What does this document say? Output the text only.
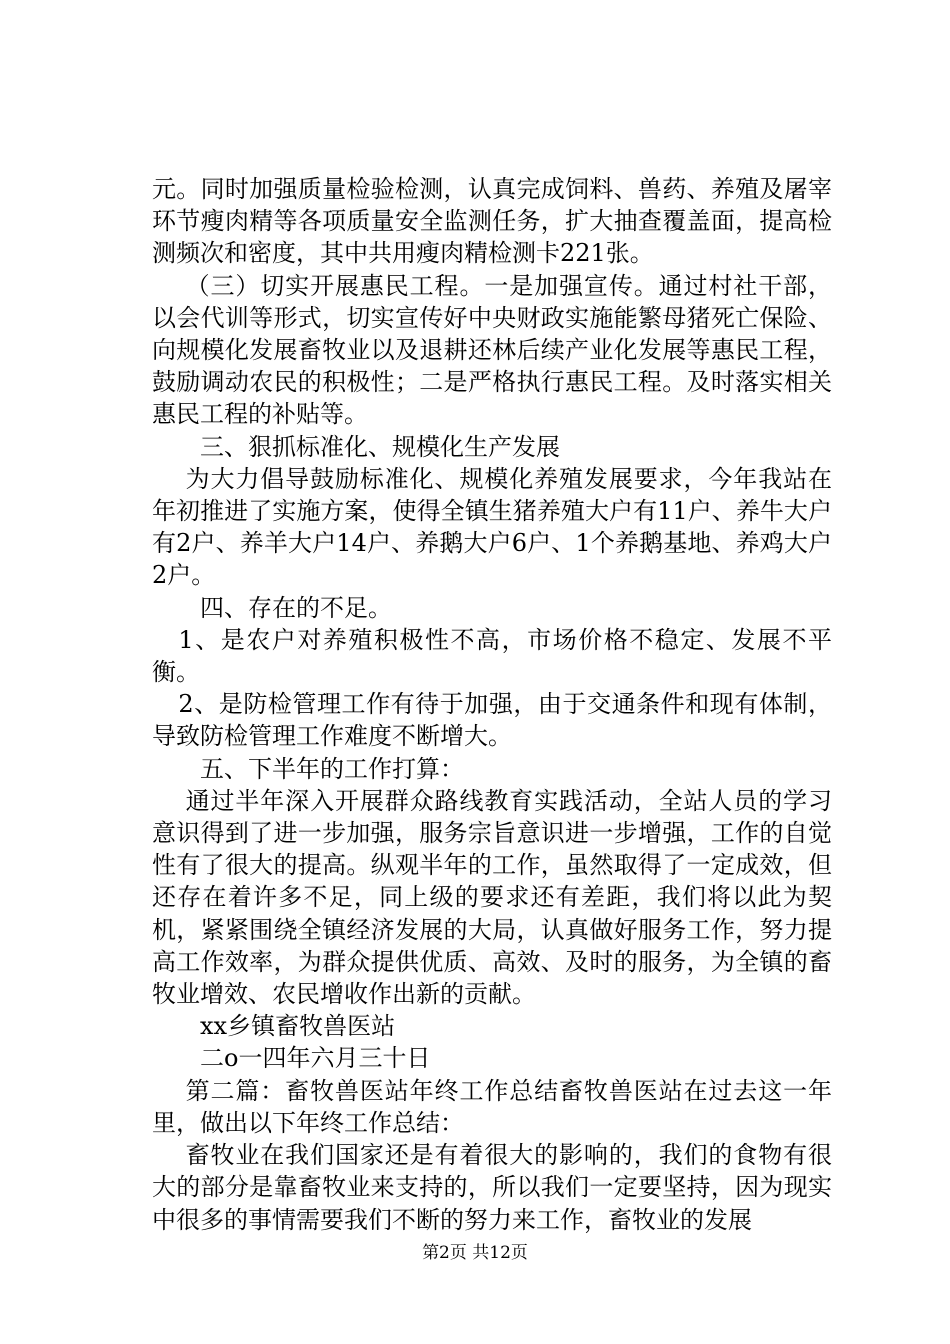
元。同时加强质量检验检测，认真完成饲料、兽药、养殖及屠宰环节瘦肉精等各项质量安全监测任务，扩大抽查覆盖面，提高检测频次和密度，其中共用瘦肉精检测卡221张。

（三）切实开展惠民工程。一是加强宣传。通过村社干部，以会代训等形式，切实宣传好中央财政实施能繁母猪死亡保险、向规模化发展畜牧业以及退耕还林后续产业化发展等惠民工程，鼓励调动农民的积极性；二是严格执行惠民工程。及时落实相关惠民工程的补贴等。

三、狠抓标准化、规模化生产发展

为大力倡导鼓励标准化、规模化养殖发展要求，今年我站在年初推进了实施方案，使得全镇生猪养殖大户有11户、养牛大户有2户、养羊大户14户、养鹅大户6户、1个养鹅基地、养鸡大户2户。

四、存在的不足。

1、是农户对养殖积极性不高，市场价格不稳定、发展不平衡。

2、是防检管理工作有待于加强，由于交通条件和现有体制，导致防检管理工作难度不断增大。

五、下半年的工作打算：

通过半年深入开展群众路线教育实践活动，全站人员的学习意识得到了进一步加强，服务宗旨意识进一步增强，工作的自觉性有了很大的提高。纵观半年的工作，虽然取得了一定成效，但还存在着许多不足，同上级的要求还有差距，我们将以此为契机，紧紧围绕全镇经济发展的大局，认真做好服务工作，努力提高工作效率，为群众提供优质、高效、及时的服务，为全镇的畜牧业增效、农民增收作出新的贡献。

xx乡镇畜牧兽医站

二o一四年六月三十日

第二篇：畜牧兽医站年终工作总结畜牧兽医站在过去这一年里，做出以下年终工作总结：

畜牧业在我们国家还是有着很大的影响的，我们的食物有很大的部分是靠畜牧业来支持的，所以我们一定要坚持，因为现实中很多的事情需要我们不断的努力来工作，畜牧业的发展

第2页 共12页
